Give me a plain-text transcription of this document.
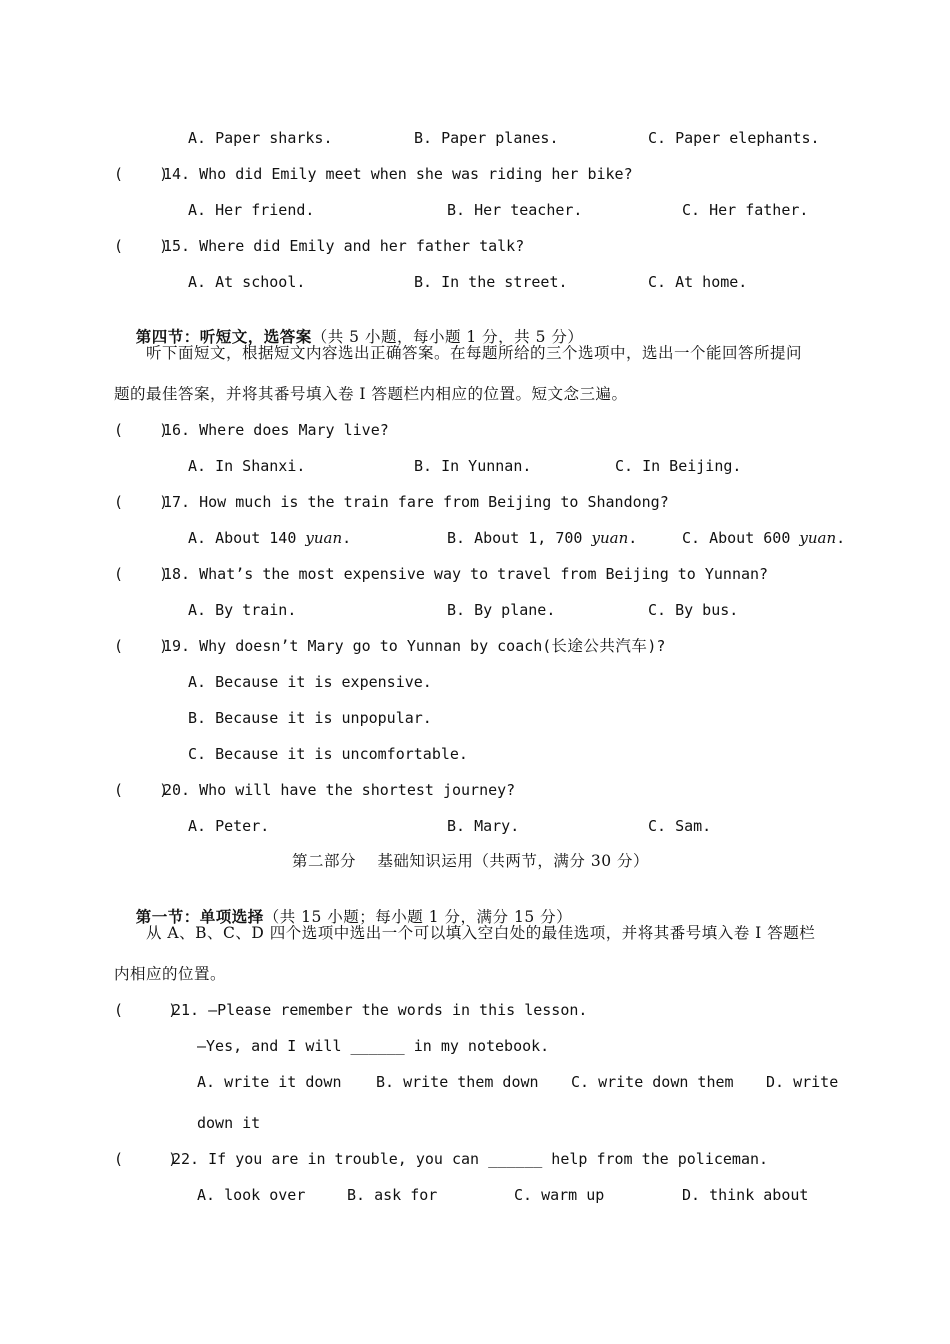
A. Paper sharks.	B. Paper planes.	C. Paper elephants.
(    )
14. Who did Emily meet when she was riding her bike?
A. Her friend.	B. Her teacher.	C. Her father.
(    )
15. Where did Emily and her father talk?
A. At school.	B. In the street.	C. At home.

第四节：听短文，选答案（共 5 小题，每小题 1 分，共 5 分）

听下面短文，根据短文内容选出正确答案。在每题所给的三个选项中，选出一个能回答所提问
题的最佳答案，并将其番号填入卷 I 答题栏内相应的位置。短文念三遍。
(    )
16. Where does Mary live?
A. In Shanxi.	B. In Yunnan.	C. In Beijing.
(    )
17. How much is the train fare from Beijing to Shandong?
A. About 140 yuan.	B. About 1, 700 yuan.	C. About 600 yuan.
(    )
18. What’s the most expensive way to travel from Beijing to Yunnan?
A. By train.	B. By plane.	C. By bus.
(    )
19. Why doesn’t Mary go to Yunnan by coach(长途公共汽车)?
A. Because it is expensive.
B. Because it is unpopular.
C. Because it is uncomfortable.
(    )
20. Who will have the shortest journey?
A. Peter.	B. Mary.	C. Sam.
第二部分　 基础知识运用（共两节，满分 30 分）

第一节：单项选择（共 15 小题；每小题 1 分，满分 15 分）

从 A、B、C、D 四个选项中选出一个可以填入空白处的最佳选项，并将其番号填入卷 I 答题栏
内相应的位置。
(     )
21. —Please remember the words in this lesson.
—Yes, and I will ______ in my notebook.
A. write it down B. write them down C. write down them D. write
down it
(     )
22. If you are in trouble, you can ______ help from the policeman.
A. look over	B. ask for	C. warm up	D. think about
